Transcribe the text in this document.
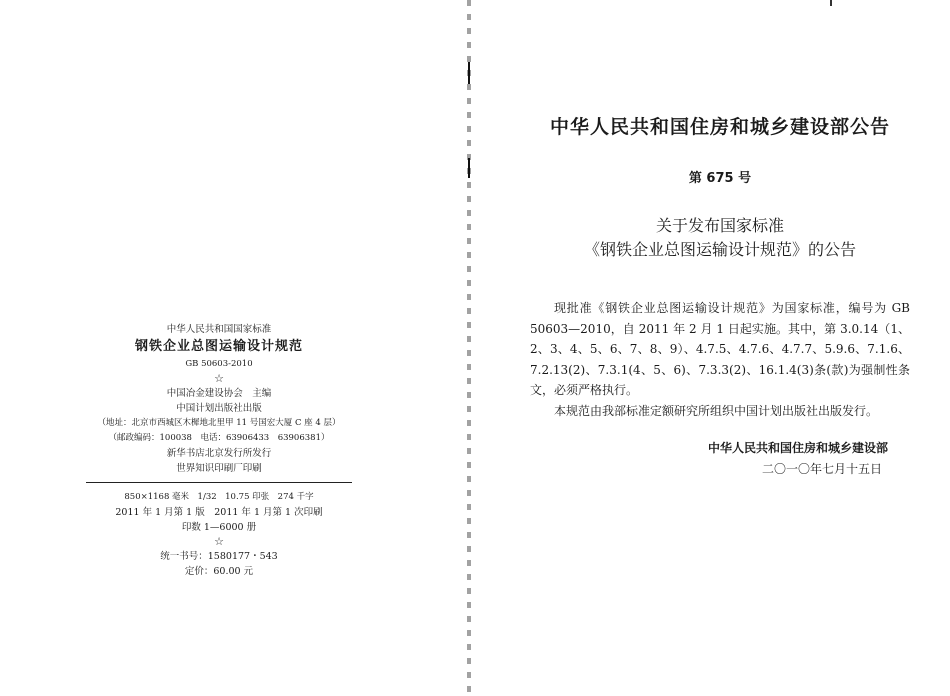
中华人民共和国国家标准
钢铁企业总图运输设计规范
GB 50603-2010
☆
中国冶金建设协会　主编
中国计划出版社出版
（地址：北京市西城区木樨地北里甲 11 号国宏大厦 C 座 4 层）
（邮政编码：100038　电话：63906433　63906381）
新华书店北京发行所发行
世界知识印刷厂印刷
850×1168 毫米　1/32　10.75 印张　274 千字
2011 年 1 月第 1 版　2011 年 1 月第 1 次印刷
印数 1—6000 册
☆
统一书号：1580177・543
定价：60.00 元
中华人民共和国住房和城乡建设部公告
第 675 号
关于发布国家标准
《钢铁企业总图运输设计规范》的公告

现批准《钢铁企业总图运输设计规范》为国家标准，编号为 GB 50603—2010，自 2011 年 2 月 1 日起实施。其中，第 3.0.14（1、2、3、4、5、6、7、8、9）、4.7.5、4.7.6、4.7.7、5.9.6、7.1.6、7.2.13(2)、7.3.1(4、5、6)、7.3.3(2)、16.1.4(3)条(款)为强制性条文，必须严格执行。

本规范由我部标准定额研究所组织中国计划出版社出版发行。

中华人民共和国住房和城乡建设部
二〇一〇年七月十五日
